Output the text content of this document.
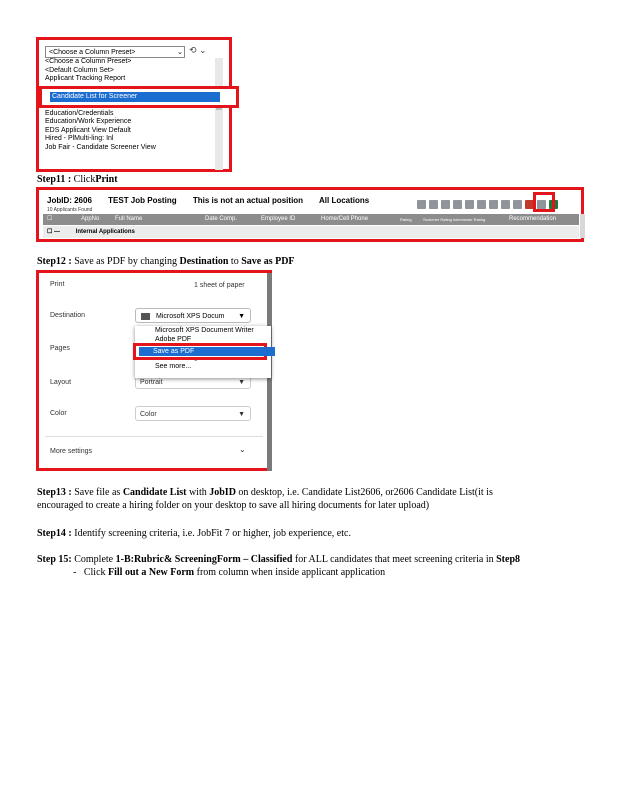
<Choose a Column Preset>	⌄ ⟲ ⌄
<Choose a Column Preset>
<Default Column Set>
Applicant Tracking Report

Education/Credentials
Education/Work Experience
EDS Applicant View Default
Hired - PlMulti-ling: Inl
Job Fair - Candidate Screener View
Candidate List for Screener
Step11 : ClickPrint
JobID: 2606 TEST Job Posting This is not an actual position All Locations
10 Applicants Found
☐	AppNo	Full Name	Date Comp.	Employee ID	Home/Cell Phone	Rating	Screener Rating Interviewer Rating	Recommendation
☐ —	Internal Applications
Step12 : Save as PDF by changing Destination to Save as PDF
Print	1 sheet of paper
Destination	Microsoft XPS Docum ▼
Pages
Layout	Portrait	▼
Color	Color	▼
Microsoft XPS Document Writer
Adobe PDF

See more...
Save as PDF
More settings	⌄
Step13 : Save file as Candidate List with JobID on desktop, i.e. Candidate List2606, or2606 Candidate List(it is
encouraged to create a hiring folder on your desktop to save all hiring documents for later upload)
Step14 : Identify screening criteria, i.e. JobFit 7 or higher, job experience, etc.
Step 15: Complete 1-B:Rubric& ScreeningForm – Classified for ALL candidates that meet screening criteria in Step8
- Click Fill out a New Form from column when inside applicant application
